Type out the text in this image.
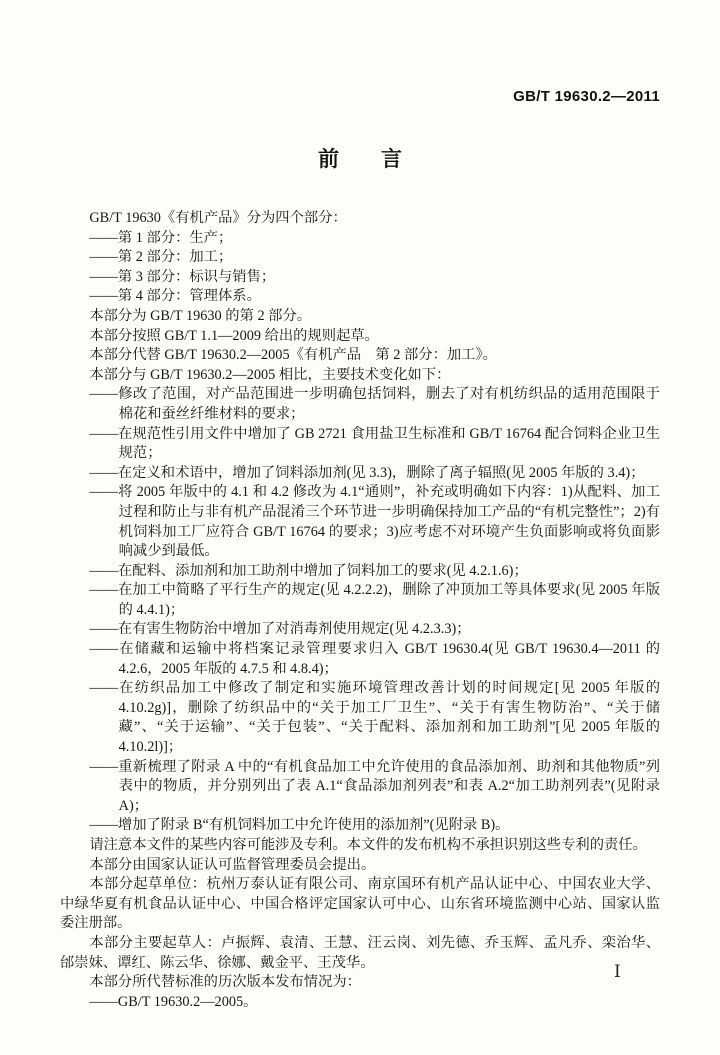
GB/T 19630.2—2011
前　　言

GB/T 19630《有机产品》分为四个部分：

——第 1 部分：生产；

——第 2 部分：加工；

——第 3 部分：标识与销售；

——第 4 部分：管理体系。

本部分为 GB/T 19630 的第 2 部分。

本部分按照 GB/T 1.1—2009 给出的规则起草。

本部分代替 GB/T 19630.2—2005《有机产品　第 2 部分：加工》。

本部分与 GB/T 19630.2—2005 相比，主要技术变化如下：

——修改了范围，对产品范围进一步明确包括饲料，删去了对有机纺织品的适用范围限于棉花和蚕丝纤维材料的要求；

——在规范性引用文件中增加了 GB 2721 食用盐卫生标准和 GB/T 16764 配合饲料企业卫生规范；

——在定义和术语中，增加了饲料添加剂(见 3.3)，删除了离子辐照(见 2005 年版的 3.4)；

——将 2005 年版中的 4.1 和 4.2 修改为 4.1“通则”，补充或明确如下内容：1)从配料、加工过程和防止与非有机产品混淆三个环节进一步明确保持加工产品的“有机完整性”；2)有机饲料加工厂应符合 GB/T 16764 的要求；3)应考虑不对环境产生负面影响或将负面影响减少到最低。

——在配料、添加剂和加工助剂中增加了饲料加工的要求(见 4.2.1.6)；

——在加工中简略了平行生产的规定(见 4.2.2.2)，删除了冲顶加工等具体要求(见 2005 年版的 4.4.1)；

——在有害生物防治中增加了对消毒剂使用规定(见 4.2.3.3)；

——在储藏和运输中将档案记录管理要求归入 GB/T 19630.4(见 GB/T 19630.4—2011 的 4.2.6，2005 年版的 4.7.5 和 4.8.4)；

——在纺织品加工中修改了制定和实施环境管理改善计划的时间规定[见 2005 年版的 4.10.2g)]，删除了纺织品中的“关于加工厂卫生”、“关于有害生物防治”、“关于储藏”、“关于运输”、“关于包装”、“关于配料、添加剂和加工助剂”[见 2005 年版的 4.10.2l)]；

——重新梳理了附录 A 中的“有机食品加工中允许使用的食品添加剂、助剂和其他物质”列表中的物质，并分别列出了表 A.1“食品添加剂列表”和表 A.2“加工助剂列表”(见附录 A)；

——增加了附录 B“有机饲料加工中允许使用的添加剂”(见附录 B)。

请注意本文件的某些内容可能涉及专利。本文件的发布机构不承担识别这些专利的责任。

本部分由国家认证认可监督管理委员会提出。

本部分起草单位：杭州万泰认证有限公司、南京国环有机产品认证中心、中国农业大学、中绿华夏有机食品认证中心、中国合格评定国家认可中心、山东省环境监测中心站、国家认监委注册部。

本部分主要起草人：卢振辉、袁清、王慧、汪云岗、刘先德、乔玉辉、孟凡乔、栾治华、邰崇妹、谭红、陈云华、徐娜、戴金平、王茂华。

本部分所代替标准的历次版本发布情况为：

——GB/T 19630.2—2005。

Ⅰ
